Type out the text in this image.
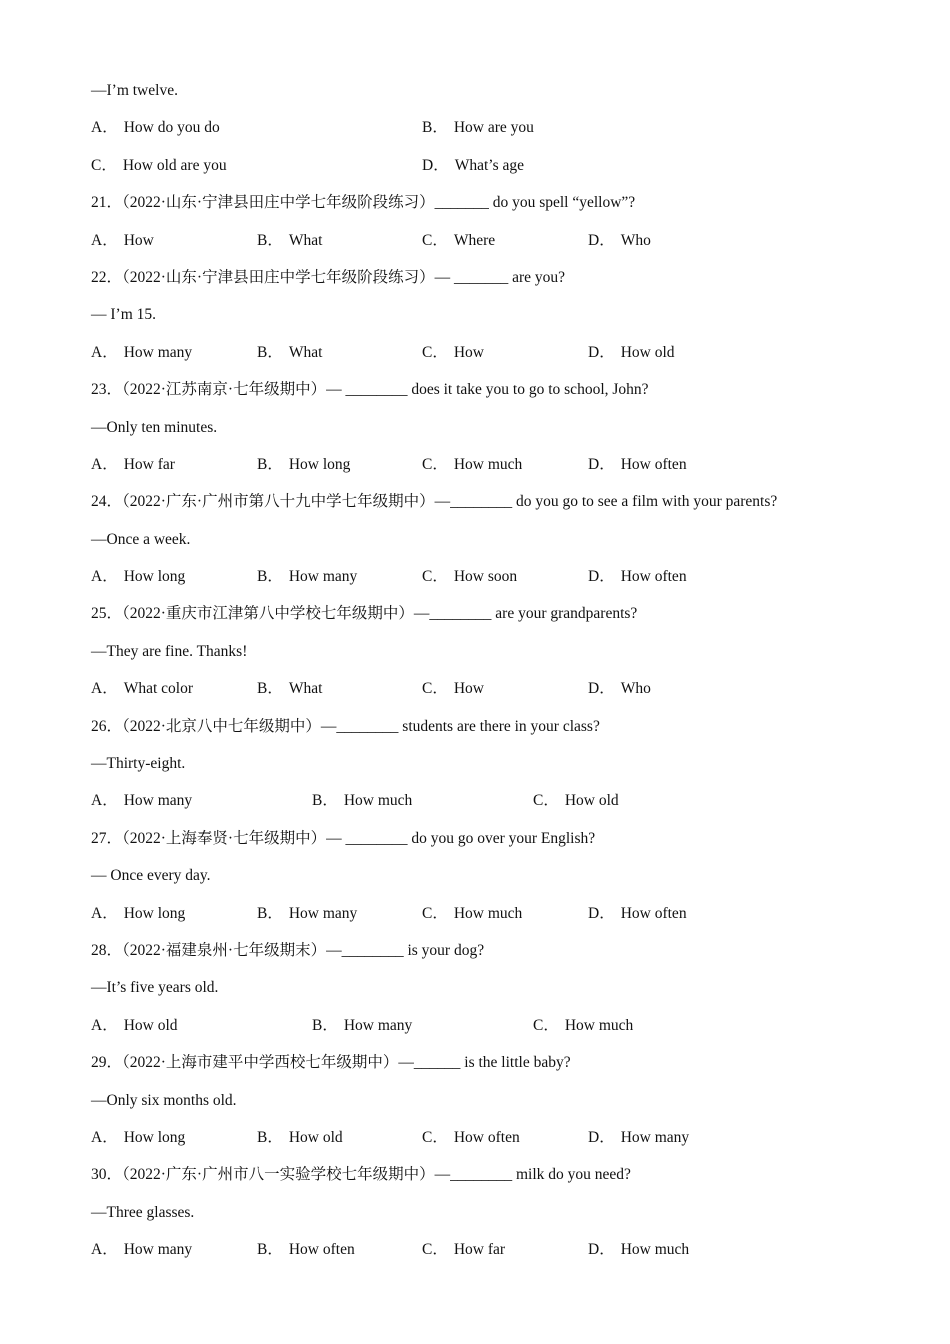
—I’m twelve.
A． How do you do	B． How are you
C． How old are you	D． What’s age
21．（2022·山东·宁津县田庄中学七年级阶段练习）_______ do you spell “yellow”?
A． How	B． What	C． Where	D． Who
22．（2022·山东·宁津县田庄中学七年级阶段练习）— _______ are you?
— I’m 15.
A． How many	B． What	C． How	D． How old
23．（2022·江苏南京·七年级期中）— ________ does it take you to go to school, John?
—Only ten minutes.
A． How far	B． How long	C． How much	D． How often
24．（2022·广东·广州市第八十九中学七年级期中）—________ do you go to see a film with your parents?
—Once a week.
A． How long	B． How many	C． How soon	D． How often
25．（2022·重庆市江津第八中学校七年级期中）—________ are your grandparents?
—They are fine. Thanks!
A． What color	B． What	C． How	D． Who
26．（2022·北京八中七年级期中）—________ students are there in your class?
—Thirty-eight.
A． How many	B． How much	C． How old
27．（2022·上海奉贤·七年级期中）— ________ do you go over your English?
— Once every day.
A． How long	B． How many	C． How much	D． How often
28．（2022·福建泉州·七年级期末）—________ is your dog?
—It’s five years old.
A． How old	B． How many	C． How much
29．（2022·上海市建平中学西校七年级期中）—______ is the little baby?
—Only six months old.
A． How long	B． How old	C． How often	D． How many
30．（2022·广东·广州市八一实验学校七年级期中）—________ milk do you need?
—Three glasses.
A． How many	B． How often	C． How far	D． How much
